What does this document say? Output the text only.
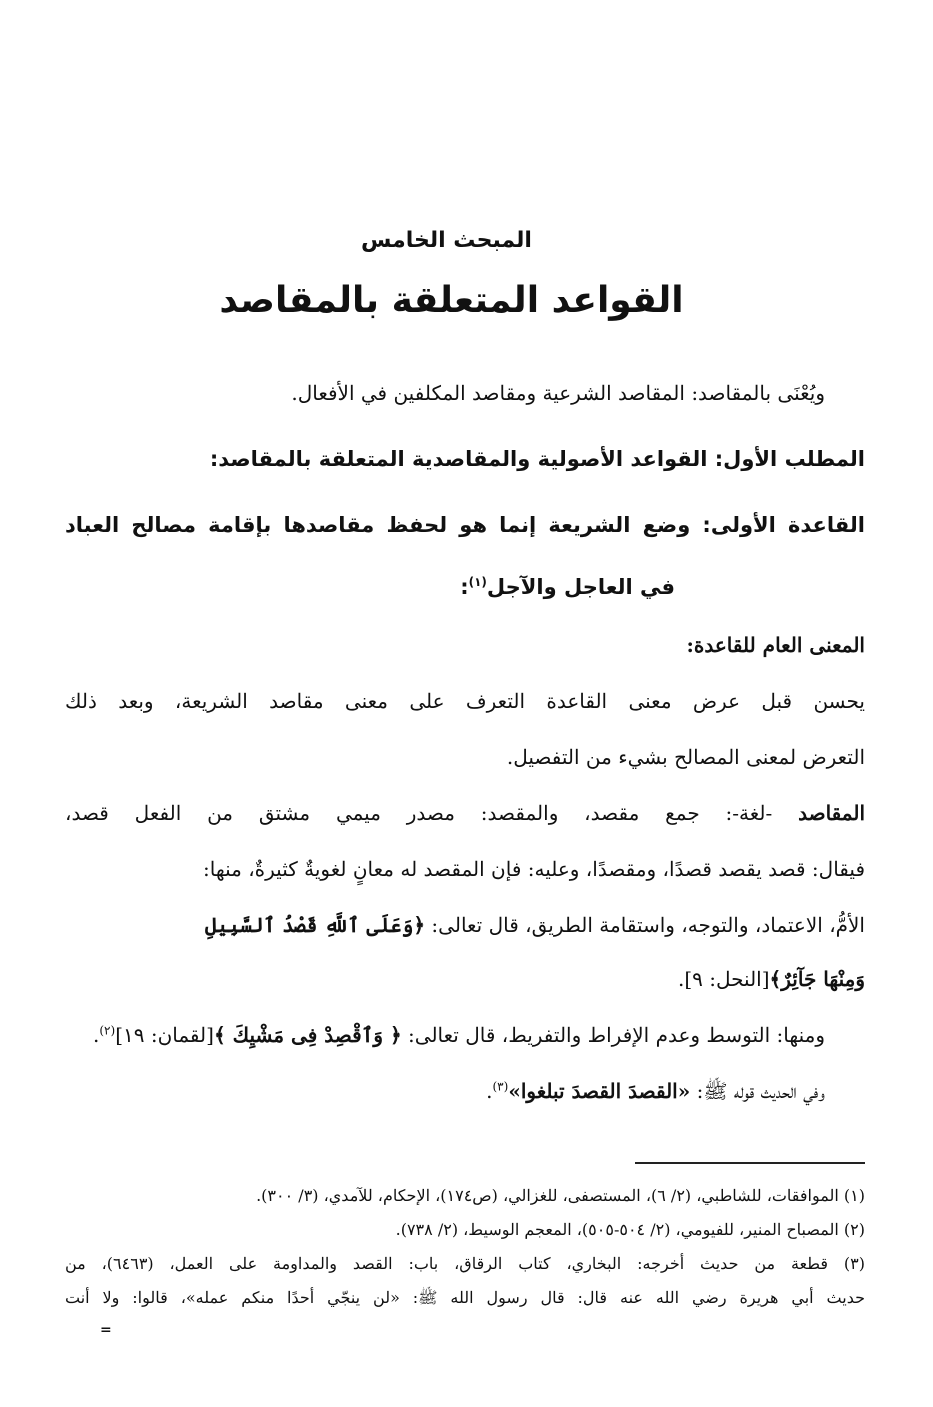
المبحث الخامس
القواعد المتعلقة بالمقاصد
ويُعْنَى بالمقاصد: المقاصد الشرعية ومقاصد المكلفين في الأفعال.
المطلب الأول: القواعد الأصولية والمقاصدية المتعلقة بالمقاصد:
القاعدة الأولى: وضع الشريعة إنما هو لحفظ مقاصدها بإقامة مصالح العباد
في العاجل والآجل$^{(١)}$:
المعنى العام للقاعدة:
يحسن قبل عرض معنى القاعدة التعرف على معنى مقاصد الشريعة، وبعد ذلك
التعرض لمعنى المصالح بشيء من التفصيل.
المقاصد -لغة-: جمع مقصد، والمقصد: مصدر ميمي مشتق من الفعل قصد،
فيقال: قصد يقصد قصدًا، ومقصدًا، وعليه: فإن المقصد له معانٍ لغويةٌ كثيرةٌ، منها:
الأمُّ، الاعتماد، والتوجه، واستقامة الطريق، قال تعالى: ﴿وَعَلَى ٱللَّهِ قَصْدُ ٱلسَّبِيلِ
وَمِنْهَا جَآئِرٌ﴾[النحل: ٩].
ومنها: التوسط وعدم الإفراط والتفريط، قال تعالى: ﴿ وَٱقْصِدْ فِى مَشْيِكَ ﴾[لقمان: ١٩]$^{(٢)}$.
وفي الحديث قوله ﷺ: «القصدَ القصدَ تبلغوا»$^{(٣)}$.
(١) الموافقات، للشاطبي، (٢/ ٦)، المستصفى، للغزالي، (ص١٧٤)، الإحكام، للآمدي، (٣/ ٣٠٠).
(٢) المصباح المنير، للفيومي، (٢/ ٥٠٤-٥٠٥)، المعجم الوسيط، (٢/ ٧٣٨).
(٣) قطعة من حديث أخرجه: البخاري، كتاب الرقاق، باب: القصد والمداومة على العمل، (٦٤٦٣)، من
حديث أبي هريرة رضي الله عنه قال: قال رسول الله ﷺ: «لن ينجّي أحدًا منكم عمله»، قالوا: ولا أنت
=
